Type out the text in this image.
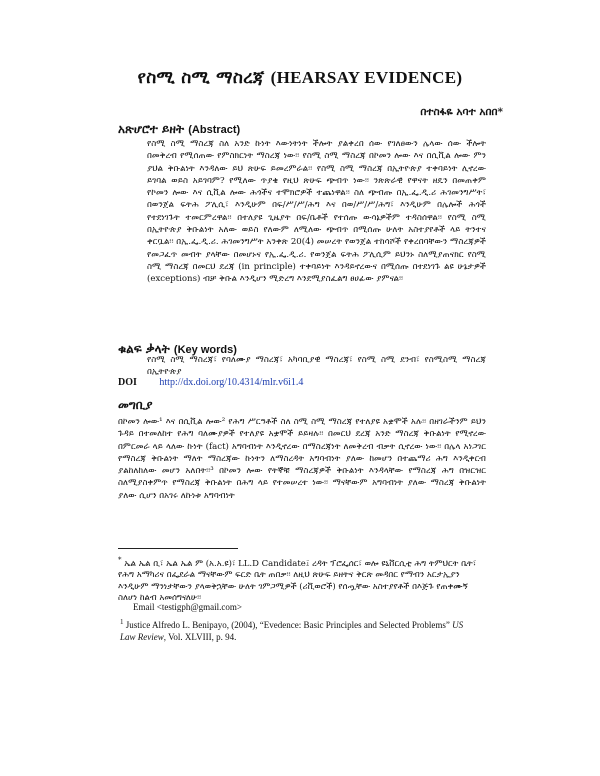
የስሚ ስሚ ማስረጃ (HEARSAY EVIDENCE)
በተስፋዬ አባተ አበበ*
አጽሆሮተ ይዘት (Abstract)
የስሚ ስሚ ማስረጃ ስለ አንድ ኩነት እውነትነት ችሎት ያልቀረበ ሰው የገለፀውን ሌላው ሰው ችሎት በመቅረብ የሚሰጠው የምስክርነት ማስረጃ ነው፡፡ የስሚ ስሚ ማስረጃ በኮመን ሎው እና በሲቪል ሎው ምን ያህል ቅቡልነት እንዳለው ይህ ጽሁፍ ይመረምራል፡፡ የስሚ ስሚ ማስረጃ በኢትዮጵያ ተቀባይነት ሊኖረው ይገባል ወይስ አይገባም? የሚለው ጥያቄ የዚህ ጽሁፍ ጭብጥ ነው፡፡ ንጽጽራዊ የዋናት ዘዴን በመጠቀም የኮመን ሎው እና ሲቪል ሎው ሕጎችና ተሞክሮዎች ተጨነዋል፡፡ ስለ ጭብጡ በኢ.ፌ.ዲ.ሪ ሕገመንግሥት፣ በወንጀል ፍትሕ ፖሊሲ፣ እንዲሁም በፍ/ሥ/ሥ/ሕግ እና በወ/ሥ/ሥ/ሕግ፣ እንዲሁም በሌሎች ሕጎች የተደነገጉት ተመርምረዋል፡፡ በተለያዩ ጊዜያት በፍ/ቤቶች የተሰጡ ውሳኔዎችም ተዳስሰዋል፡፡ የስሚ ስሚ በኢትዮጵያ ቅቡልነት አለው ወይስ የለውም ለሚለው ጭብጥ በሚሰጡ ሁለት አስተያየቶች ላይ ትንተና ቀርቧል፡፡ በኢ.ፌ.ዲ.ሪ. ሕገመንግሥት አንቀጽ 20(4) መሠረት የወንጀል ተከሳሾች የቀረበባቸውን ማስረጃዎች የመጋፈጥ መብት ያላቸው በመሆኑና የኢ.ፌ.ዲ.ሪ. የወንጀል ፍትሕ ፖሊሲም ይህንኑ ስለሚያጠናክር የስሚ ስሚ ማስረጃ በመርህ ደረጃ (in principle) ተቀባይነት እንዳይኖረውና በሚሰጡ በተደነገጉ ልዩ ሁኔታዎች (exceptions) ብቻ ቅቡል እንዲሆን ሚድረግ እንደሚያስፈልግ ፀሀፊው ያምናል፡፡
ቁልፍ ቃላት (Key words)
የስሚ ስሚ ማስረጃ፣ የባለሙያ ማስረጃ፣ አካባቢያዊ ማስረጃ፣ የስሚ ስሚ ደንብ፣ የስሚስሚ ማስረጃ በኢትዮጵያ
DOI http://dx.doi.org/10.4314/mlr.v6i1.4
መግቢያ
በኮመን ሎው¹ እና በሲቪል ሎው² የሕግ ሥርዓቶች ስለ ስሚ ስሚ ማስረጃ የተለያዩ አቋሞች አሉ፡፡ በዘገራችንም ይህን ጉዳይ በተመለከተ የሕግ ባለሙያዎች የተለያዩ አቋሞች ይይዛሉ፡፡ በመርህ ደረጃ አንድ ማስረጃ ቅቡልነት የሚኖረው በምርመራ ላይ ላለው ኩነት (fact) አግባብነት እንዲኖረው በማስረጃነት ለመቅረብ ብቃት ሲኖረው ነው፡፡ በሌላ አነጋገር የማስረጃ ቅቡልነት ማለት ማስረጃው ኩነትን ለማስረዳት አግባብነት ያለው ከመሆን በተጨማሪ ሕግ እንዲቀርብ ያልከለከለው መሆን አለበት፡፡³ በኮመን ሎው የትኞቹ ማስረጃዎች ቅቡልነት እንዳላቸው የማስረጃ ሕግ በዝርዝር ስለሚያስቀምጥ የማስረጃ ቅቡልነት በሕግ ላይ የተመሠረተ ነው፡፡ ማናቸውም አግባብነት ያለው ማስረጃ ቅቡልነት ያለው ሲሆን በአገሩ ለኩነቱ አግባብነት
* ኤል ኤል ቢ፣ ኤል ኤል ም (አ.አ.ዩ)፣ LL.D Candidate፤ ረዳት ፕሮፌሰር፣ ወሎ ዩኒቨርሲቲ ሕግ ትምህርት ቤት፣ የሕግ አማካሪና በፌደራል ማናቸውም ፍርድ ቤት ጠበቃ፡፡ ለዚህ ጽሁፍ ይዘትና ቅርጽ መዳበር የማብን አርታኢያን እንዲሁም ማንነታቸውን ያላወቅኋቸው ሁለት ገምጋሚዎች (ሪቪወሮች) የሰጧቸው አስተያየቶች በእጅጉ የጠቀሙኝ ስለሆነ ከልብ አመሰግናለሁ፡፡
Email <testigph@gmail.com>
$^1$ Justice Alfredo L. Benipayo, (2004), “Evedence: Basic Principles and Selected Problems” US Law Review, Vol. XLVIII, p. 94.
